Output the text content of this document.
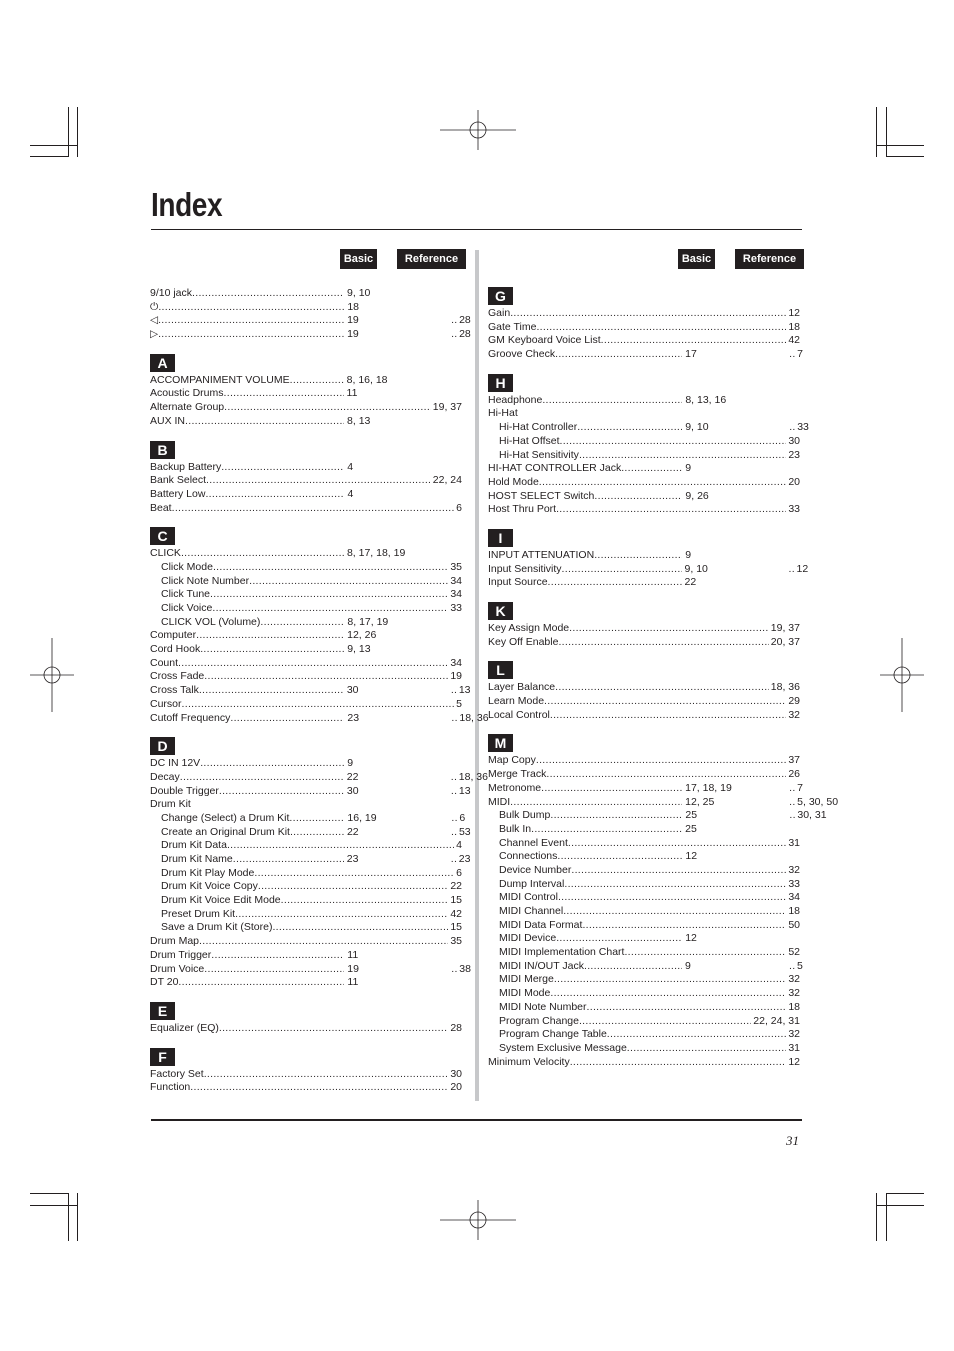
Index
Basic	Reference
9/10 jack .....	9, 10
⏻ .....	18
◁ .....	19 .....	28
▷ .....	19 .....	28
A
ACCOMPANIMENT VOLUME .....	8, 16, 18
Acoustic Drums .....	11
Alternate Group .....	19, 37
AUX IN .....	8, 13
B
Backup Battery .....	4
Bank Select .....	22, 24
Battery Low .....	4
Beat .....	6
C
CLICK .....	8, 17, 18, 19
Click Mode .....	35
Click Note Number .....	34
Click Tune .....	34
Click Voice .....	33
CLICK VOL (Volume) .....	8, 17, 19
Computer .....	12, 26
Cord Hook .....	9, 13
Count .....	34
Cross Fade .....	19
Cross Talk .....	30 .....	13
Cursor .....	5
Cutoff Frequency .....	23 .....	18, 36
D
DC IN 12V .....	9
Decay .....	22 .....	18, 36
Double Trigger .....	30 .....	13
Drum Kit
Change (Select) a Drum Kit .....	16, 19 .....	6
Create an Original Drum Kit .....	22 .....	53
Drum Kit Data .....	4
Drum Kit Name .....	23 .....	23
Drum Kit Play Mode .....	6
Drum Kit Voice Copy .....	22
Drum Kit Voice Edit Mode .....	15
Preset Drum Kit .....	42
Save a Drum Kit (Store) .....	15
Drum Map .....	35
Drum Trigger .....	11
Drum Voice .....	19 .....	38
DT 20 .....	11
E
Equalizer (EQ) .....	28
F
Factory Set .....	30
Function .....	20
Basic	Reference
G
Gain .....	12
Gate Time .....	18
GM Keyboard Voice List .....	42
Groove Check .....	17 .....	7
H
Headphone .....	8, 13, 16
Hi-Hat
Hi-Hat Controller .....	9, 10 .....	33
Hi-Hat Offset .....	30
Hi-Hat Sensitivity .....	23
HI-HAT CONTROLLER Jack .....	9
Hold Mode .....	20
HOST SELECT Switch .....	9, 26
Host Thru Port .....	33
I
INPUT ATTENUATION .....	9
Input Sensitivity .....	9, 10 .....	12
Input Source .....	22
K
Key Assign Mode .....	19, 37
Key Off Enable .....	20, 37
L
Layer Balance .....	18, 36
Learn Mode .....	29
Local Control .....	32
M
Map Copy .....	37
Merge Track .....	26
Metronome .....	17, 18, 19 .....	7
MIDI .....	12, 25 .....	5, 30, 50
Bulk Dump .....	25 .....	30, 31
Bulk In .....	25
Channel Event .....	31
Connections .....	12
Device Number .....	32
Dump Interval .....	33
MIDI Control .....	34
MIDI Channel .....	18
MIDI Data Format .....	50
MIDI Device .....	12
MIDI Implementation Chart .....	52
MIDI IN/OUT Jack .....	9 .....	5
MIDI Merge .....	32
MIDI Mode .....	32
MIDI Note Number .....	18
Program Change .....	22, 24, 31
Program Change Table .....	32
System Exclusive Message .....	31
Minimum Velocity .....	12
31
